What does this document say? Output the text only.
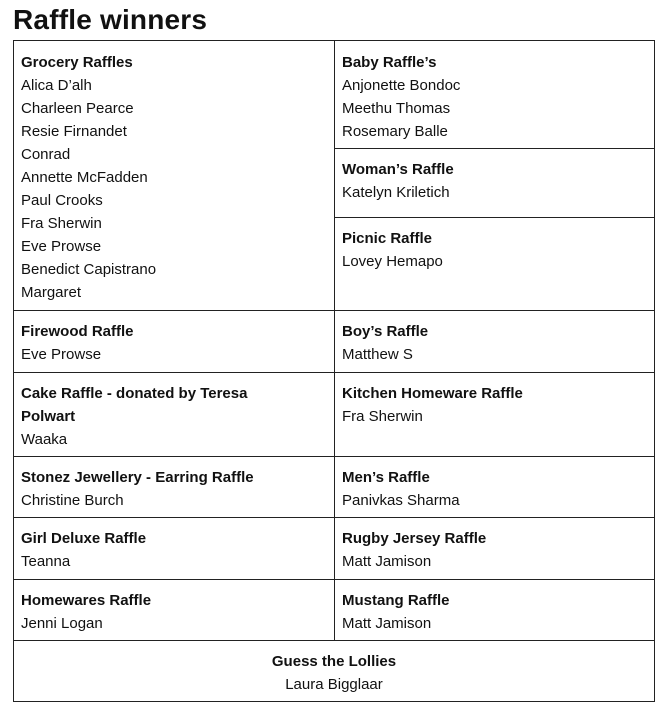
Raffle winners
Grocery Raffles
Alica D’alh
Charleen Pearce
Resie Firnandet
Conrad
Annette McFadden
Paul Crooks
Fra Sherwin
Eve Prowse
Benedict Capistrano
Margaret
Baby Raffle’s
Anjonette Bondoc
Meethu Thomas
Rosemary Balle
Woman’s Raffle
Katelyn Kriletich
Picnic Raffle
Lovey Hemapo
Firewood Raffle
Eve Prowse
Boy’s Raffle
Matthew S
Cake Raffle - donated by Teresa
Polwart
Waaka
Kitchen Homeware Raffle
Fra Sherwin
Stonez Jewellery - Earring Raffle
Christine Burch
Men’s Raffle
Panivkas Sharma
Girl Deluxe Raffle
Teanna
Rugby Jersey Raffle
Matt Jamison
Homewares Raffle
Jenni Logan
Mustang Raffle
Matt Jamison
Guess the Lollies
Laura Bigglaar
